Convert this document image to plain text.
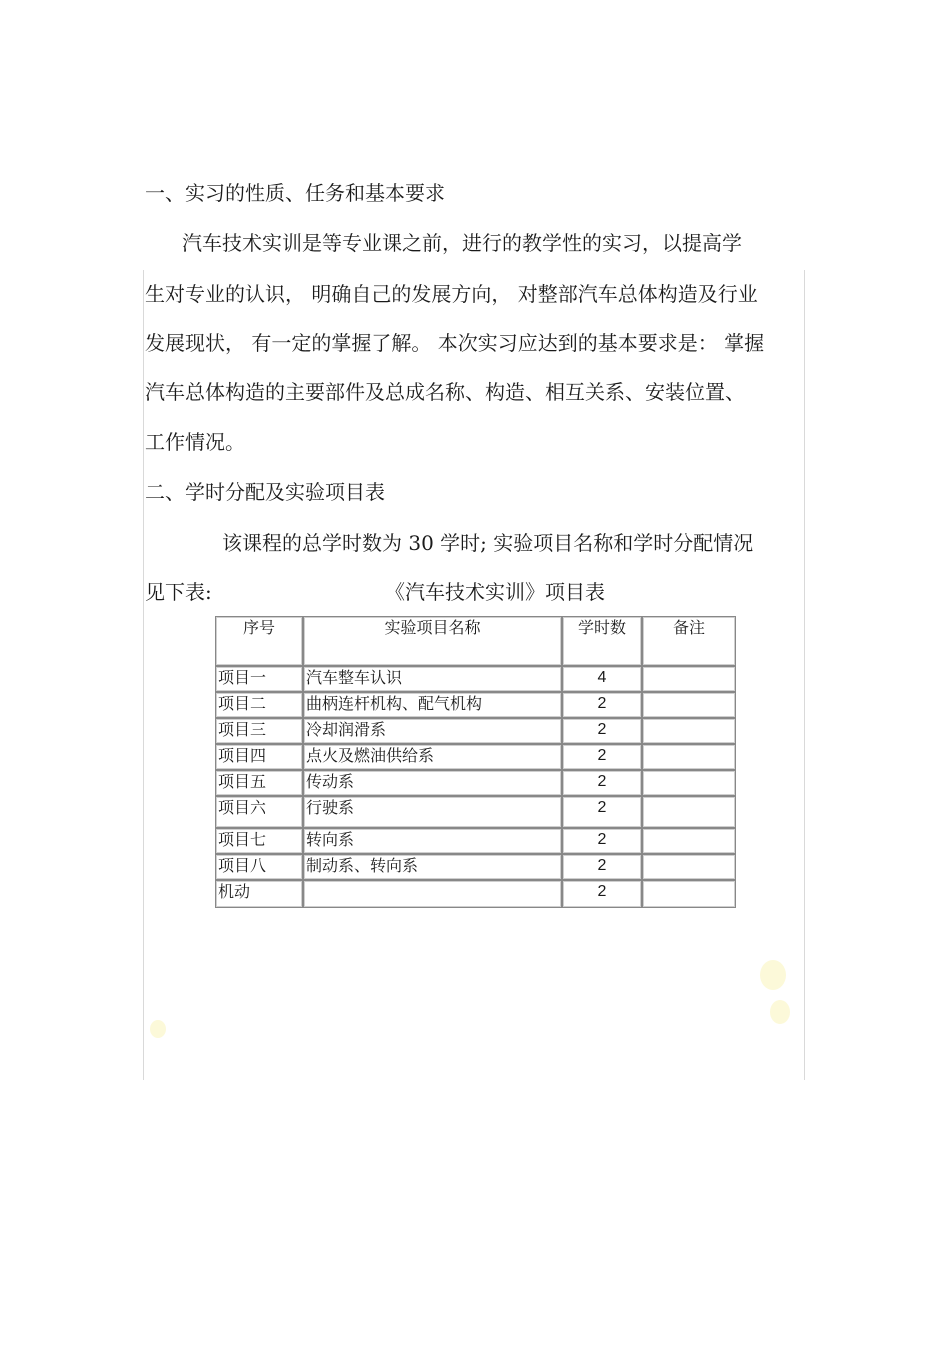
一、实习的性质、任务和基本要求
汽车技术实训是等专业课之前，进行的教学性的实习，以提高学
生对专业的认识， 明确自己的发展方向， 对整部汽车总体构造及行业
发展现状， 有一定的掌握了解。 本次实习应达到的基本要求是： 掌握
汽车总体构造的主要部件及总成名称、构造、相互关系、安装位置、
工作情况。
二、学时分配及实验项目表
该课程的总学时数为 30 学时; 实验项目名称和学时分配情况
见下表:	《汽车技术实训》项目表
序号	实验项目名称	学时数	备注
项目一	汽车整车认识	4	
项目二	曲柄连杆机构、配气机构	2	
项目三	冷却润滑系	2	
项目四	点火及燃油供给系	2	
项目五	传动系	2	
项目六	行驶系	2	
项目七	转向系	2	
项目八	制动系、转向系	2	
机动		2	
